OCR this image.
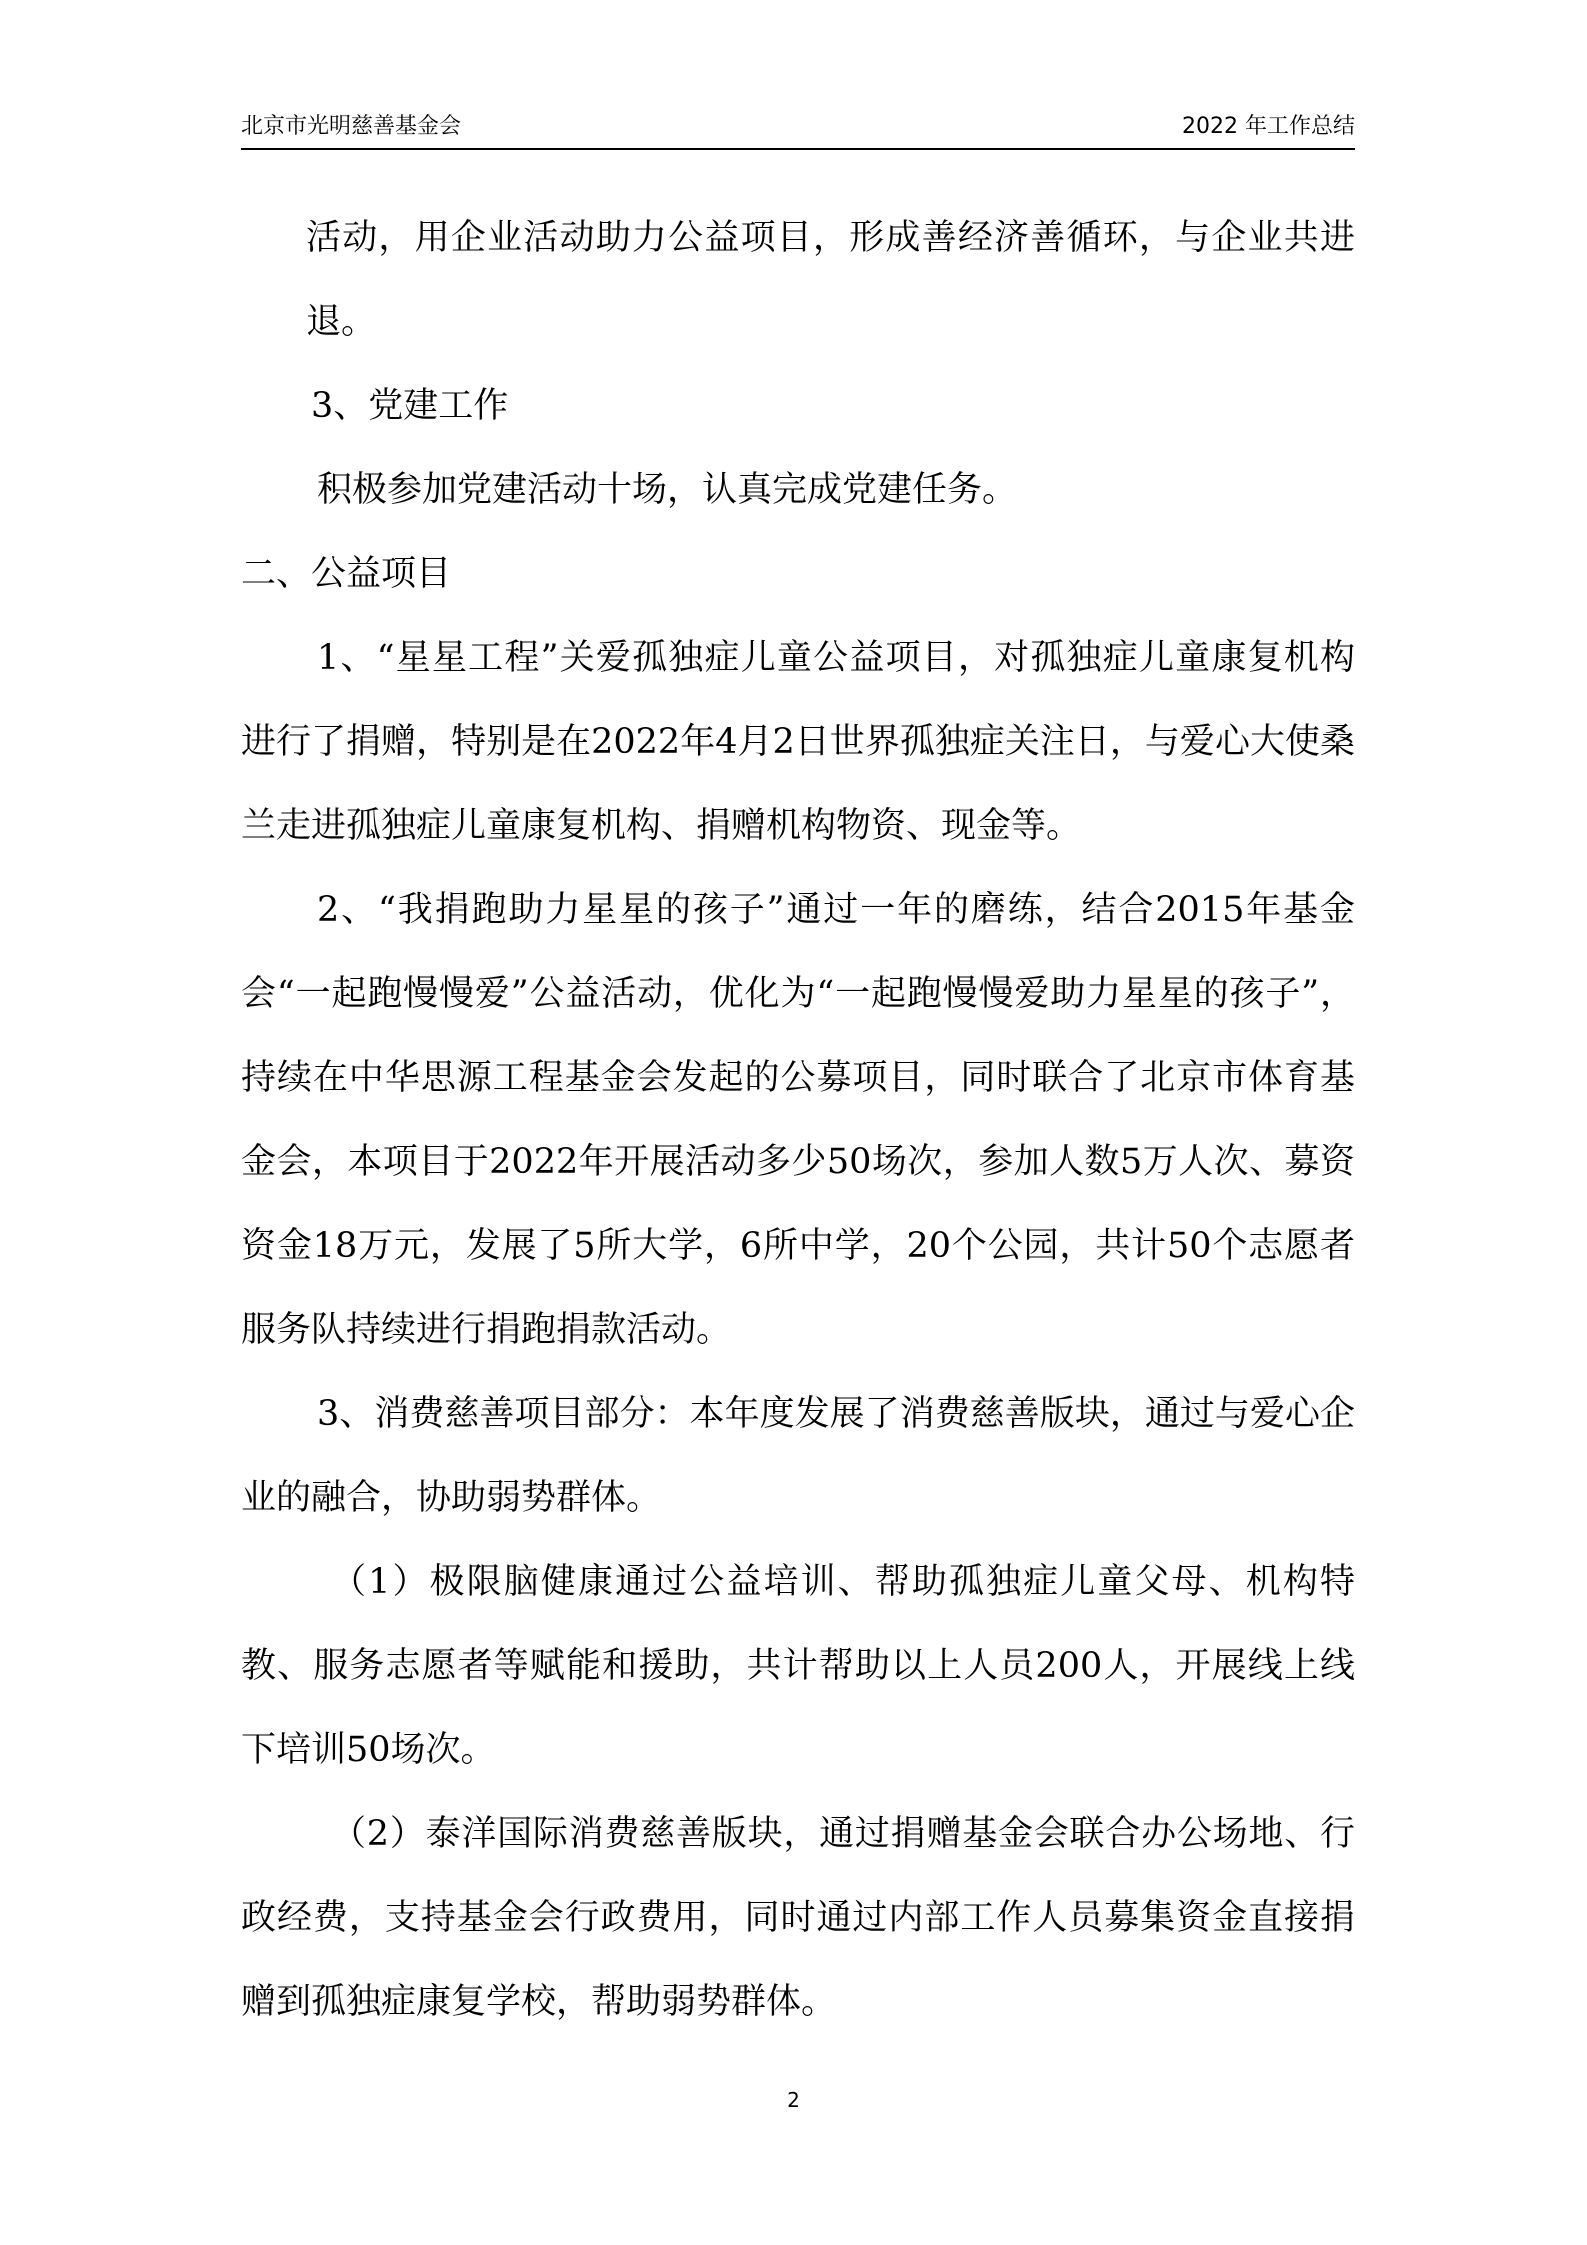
北京市光明慈善基金会	2022 年工作总结

活动，用企业活动助力公益项目，形成善经济善循环，与企业共进退。

3、党建工作

积极参加党建活动十场，认真完成党建任务。

二、公益项目

1、“星星工程”关爱孤独症儿童公益项目，对孤独症儿童康复机构进行了捐赠，特别是在2022年4月2日世界孤独症关注日，与爱心大使桑兰走进孤独症儿童康复机构、捐赠机构物资、现金等。

2、“我捐跑助力星星的孩子”通过一年的磨练，结合2015年基金会“一起跑慢慢爱”公益活动，优化为“一起跑慢慢爱助力星星的孩子”，持续在中华思源工程基金会发起的公募项目，同时联合了北京市体育基金会，本项目于2022年开展活动多少50场次，参加人数5万人次、募资资金18万元，发展了5所大学，6所中学，20个公园，共计50个志愿者服务队持续进行捐跑捐款活动。

3、消费慈善项目部分：本年度发展了消费慈善版块，通过与爱心企业的融合，协助弱势群体。

（1）极限脑健康通过公益培训、帮助孤独症儿童父母、机构特教、服务志愿者等赋能和援助，共计帮助以上人员200人，开展线上线下培训50场次。

（2）泰洋国际消费慈善版块，通过捐赠基金会联合办公场地、行政经费，支持基金会行政费用，同时通过内部工作人员募集资金直接捐赠到孤独症康复学校，帮助弱势群体。

2
